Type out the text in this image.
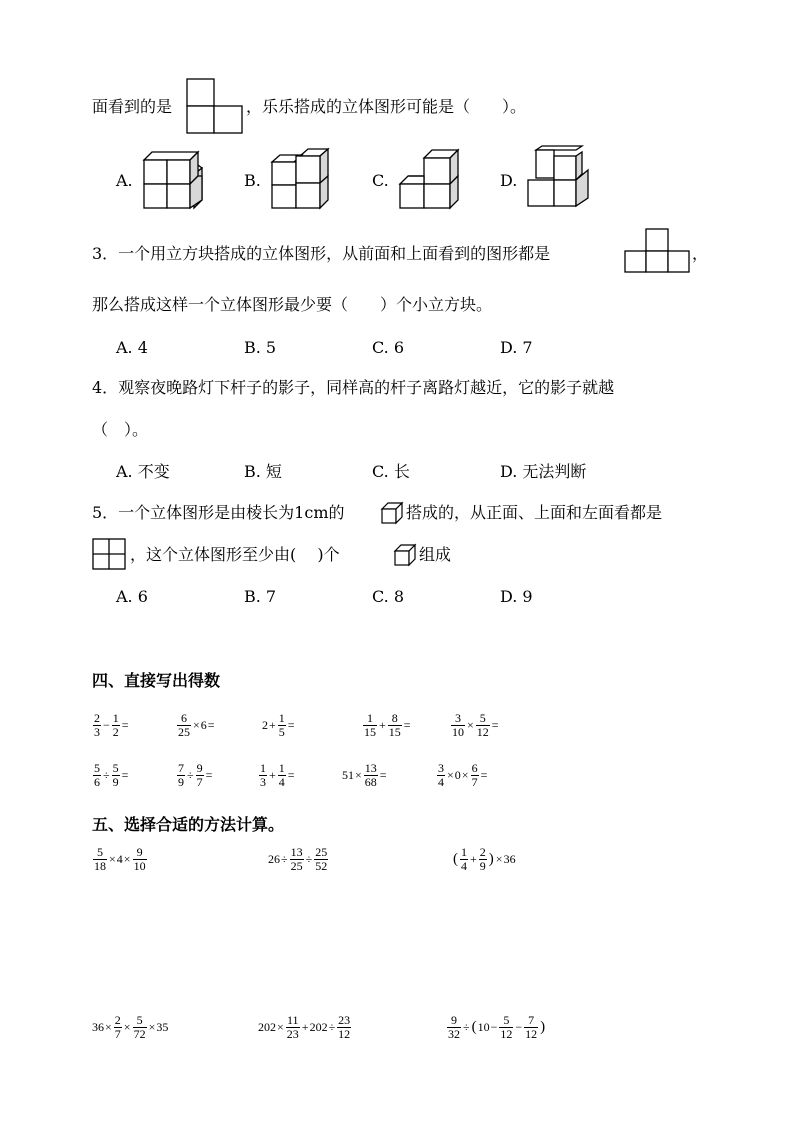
面看到的是	，乐乐搭成的立体图形可能是（　　）。
A.	B.	C.	D.
3．一个用立方块搭成的立体图形，从前面和上面看到的图形都是	，
那么搭成这样一个立体图形最少要（　　）个小立方块。
A. 4	B. 5	C. 6	D. 7
4．观察夜晚路灯下杆子的影子，同样高的杆子离路灯越近，它的影子就越
（　）。
A. 不变	B. 短	C. 长	D. 无法判断
5．一个立体图形是由棱长为1cm的	搭成的，从正面、上面和左面看都是
，这个立体图形至少由(　 )个	组成
A. 6	B. 7	C. 8	D. 9
四、直接写出得数
$\frac{2}{3} - \frac{1}{2}$ =	$\frac{6}{25} \times 6$ =	$2 + \frac{1}{5}$ =	$\frac{1}{15} + \frac{8}{15}$ =	$\frac{3}{10} \times \frac{5}{12}$ =
$\frac{5}{6} \div \frac{5}{9}$ =	$\frac{7}{9} \div \frac{9}{7}$ =	$\frac{1}{3} + \frac{1}{4}$ =	$51 \times \frac{13}{68}$ =	$\frac{3}{4} \times 0 \times \frac{6}{7}$ =
五、选择合适的方法计算。
$\frac{5}{18} \times 4 \times \frac{9}{10}$	$26 \div \frac{13}{25} \div \frac{25}{52}$	( $\frac{1}{4} + \frac{2}{9}$ ) × 36
$36 \times \frac{2}{7} \times \frac{5}{72} \times 35$	$202 \times \frac{11}{23} + 202 \div \frac{23}{12}$	$\frac{9}{32}$ ÷ ( $10 - \frac{5}{12} - \frac{7}{12}$ )
